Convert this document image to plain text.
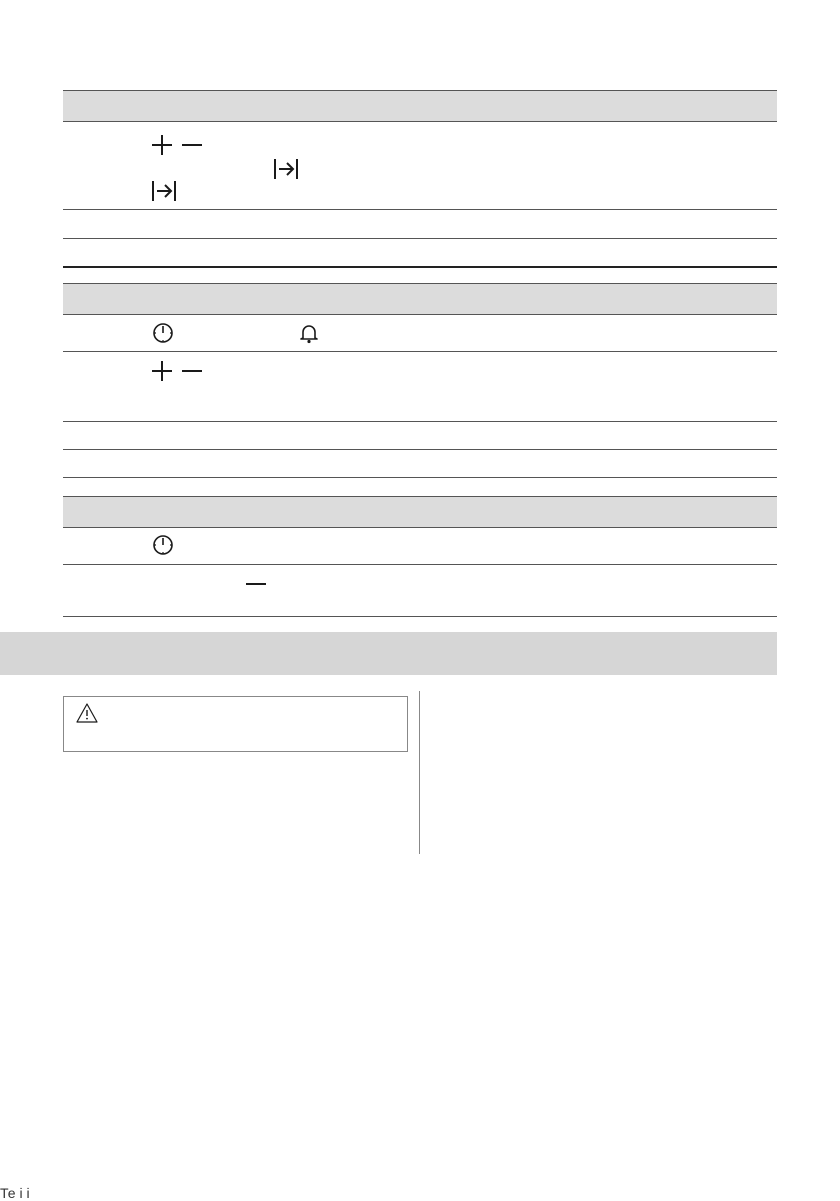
Те і і
